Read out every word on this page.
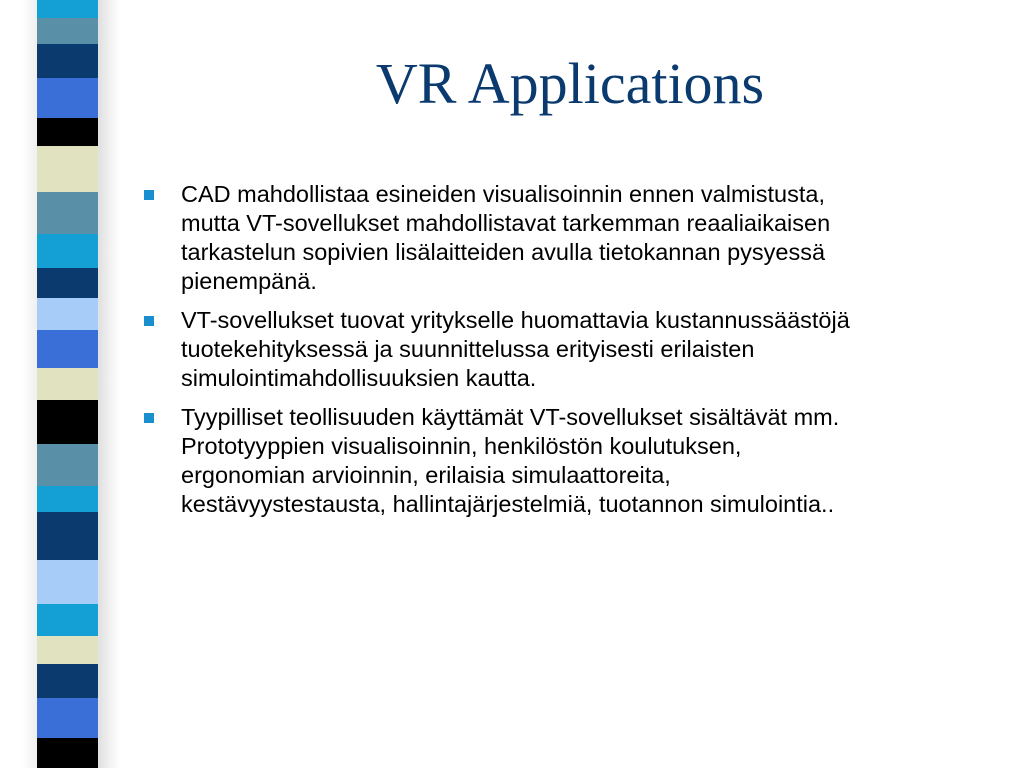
VR Applications
CAD mahdollistaa esineiden visualisoinnin ennen valmistusta,
mutta VT-sovellukset mahdollistavat tarkemman reaaliaikaisen
tarkastelun sopivien lisälaitteiden avulla tietokannan pysyessä
pienempänä.
VT-sovellukset tuovat yritykselle huomattavia kustannussäästöjä
tuotekehityksessä ja suunnittelussa erityisesti erilaisten
simulointimahdollisuuksien kautta.
Tyypilliset teollisuuden käyttämät VT-sovellukset sisältävät mm.
Prototyyppien visualisoinnin, henkilöstön koulutuksen,
ergonomian arvioinnin, erilaisia simulaattoreita,
kestävyystestausta, hallintajärjestelmiä, tuotannon simulointia..
